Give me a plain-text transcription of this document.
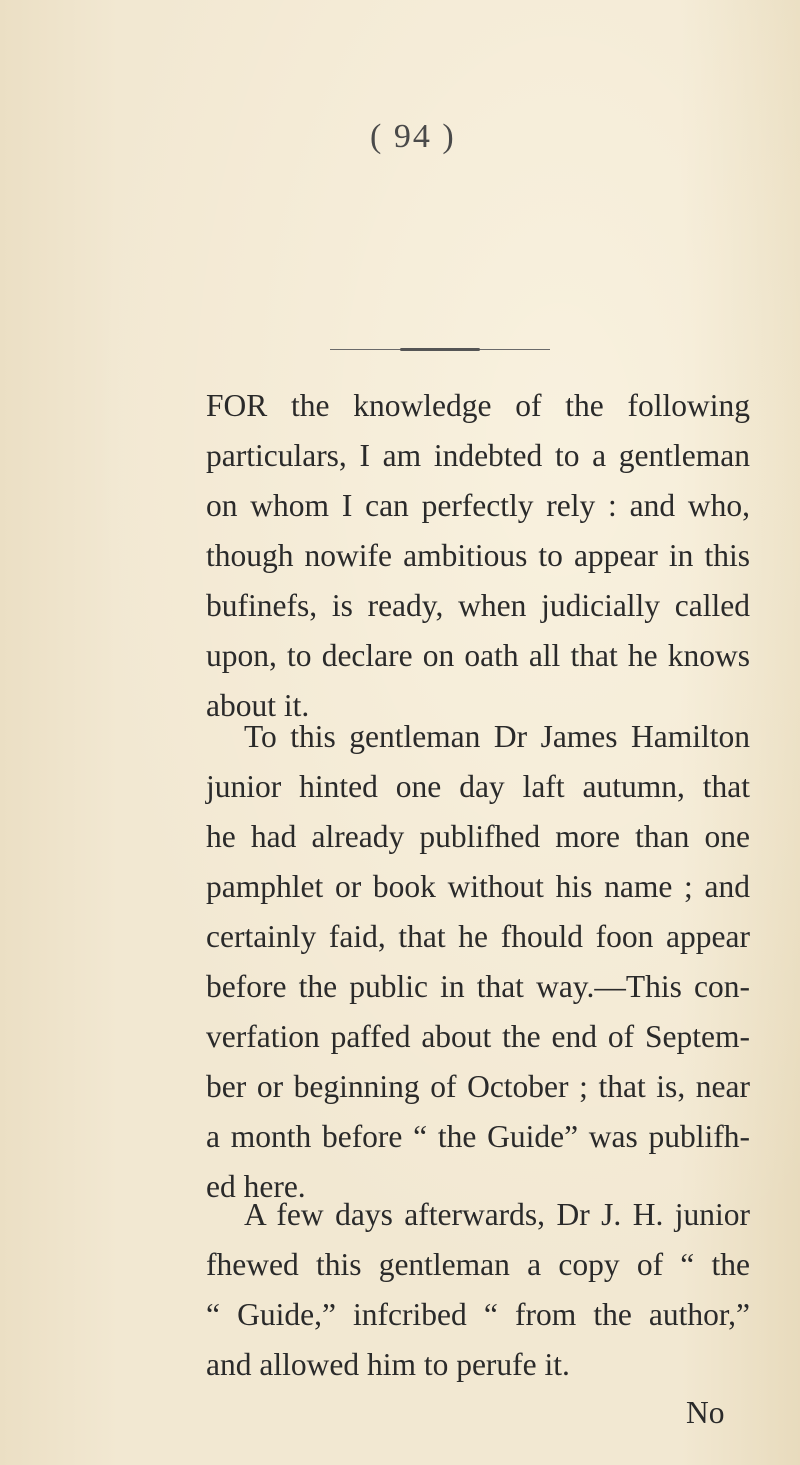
( 94 )
FOR the knowledge of the following
particulars, I am indebted to a gentleman
on whom I can perfectly rely : and who,
though nowife ambitious to appear in this
bufinefs, is ready, when judicially called
upon, to declare on oath all that he knows
about it.
To this gentleman Dr James Hamilton
junior hinted one day laft autumn, that
he had already publifhed more than one
pamphlet or book without his name ; and
certainly faid, that he fhould foon appear
before the public in that way.—This con-
verfation paffed about the end of Septem-
ber or beginning of October ; that is, near
a month before “ the Guide” was publifh-
ed here.
A few days afterwards, Dr J. H. junior
fhewed this gentleman a copy of “ the
“ Guide,” infcribed “ from the author,”
and allowed him to perufe it.
No
